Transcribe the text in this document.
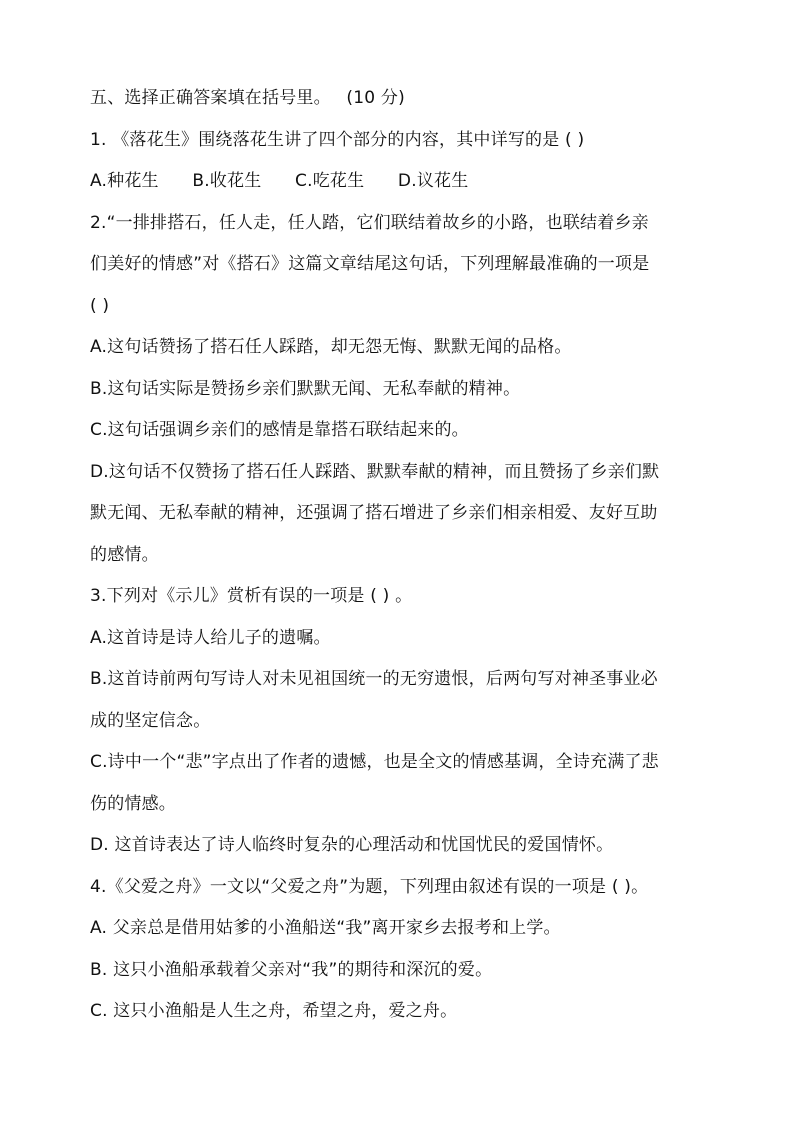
五、选择正确答案填在括号里。 (10 分)
1. 《落花生》围绕落花生讲了四个部分的内容，其中详写的是 ( )
A.种花生 B.收花生 C.吃花生 D.议花生
2.“一排排搭石，任人走，任人踏，它们联结着故乡的小路，也联结着乡亲
们美好的情感”对《搭石》这篇文章结尾这句话，下列理解最准确的一项是
( )
A.这句话赞扬了搭石任人踩踏，却无怨无悔、默默无闻的品格。
B.这句话实际是赞扬乡亲们默默无闻、无私奉献的精神。
C.这句话强调乡亲们的感情是靠搭石联结起来的。
D.这句话不仅赞扬了搭石任人踩踏、默默奉献的精神，而且赞扬了乡亲们默
默无闻、无私奉献的精神，还强调了搭石增进了乡亲们相亲相爱、友好互助
的感情。
3.下列对《示儿》赏析有误的一项是 ( ) 。
A.这首诗是诗人给儿子的遗嘱。
B.这首诗前两句写诗人对未见祖国统一的无穷遗恨，后两句写对神圣事业必
成的坚定信念。
C.诗中一个“悲”字点出了作者的遗憾，也是全文的情感基调，全诗充满了悲
伤的情感。
D. 这首诗表达了诗人临终时复杂的心理活动和忧国忧民的爱国情怀。
4.《父爱之舟》一文以“父爱之舟”为题，下列理由叙述有误的一项是 ( )。
A. 父亲总是借用姑爹的小渔船送“我”离开家乡去报考和上学。
B. 这只小渔船承载着父亲对“我”的期待和深沉的爱。
C. 这只小渔船是人生之舟，希望之舟，爱之舟。
